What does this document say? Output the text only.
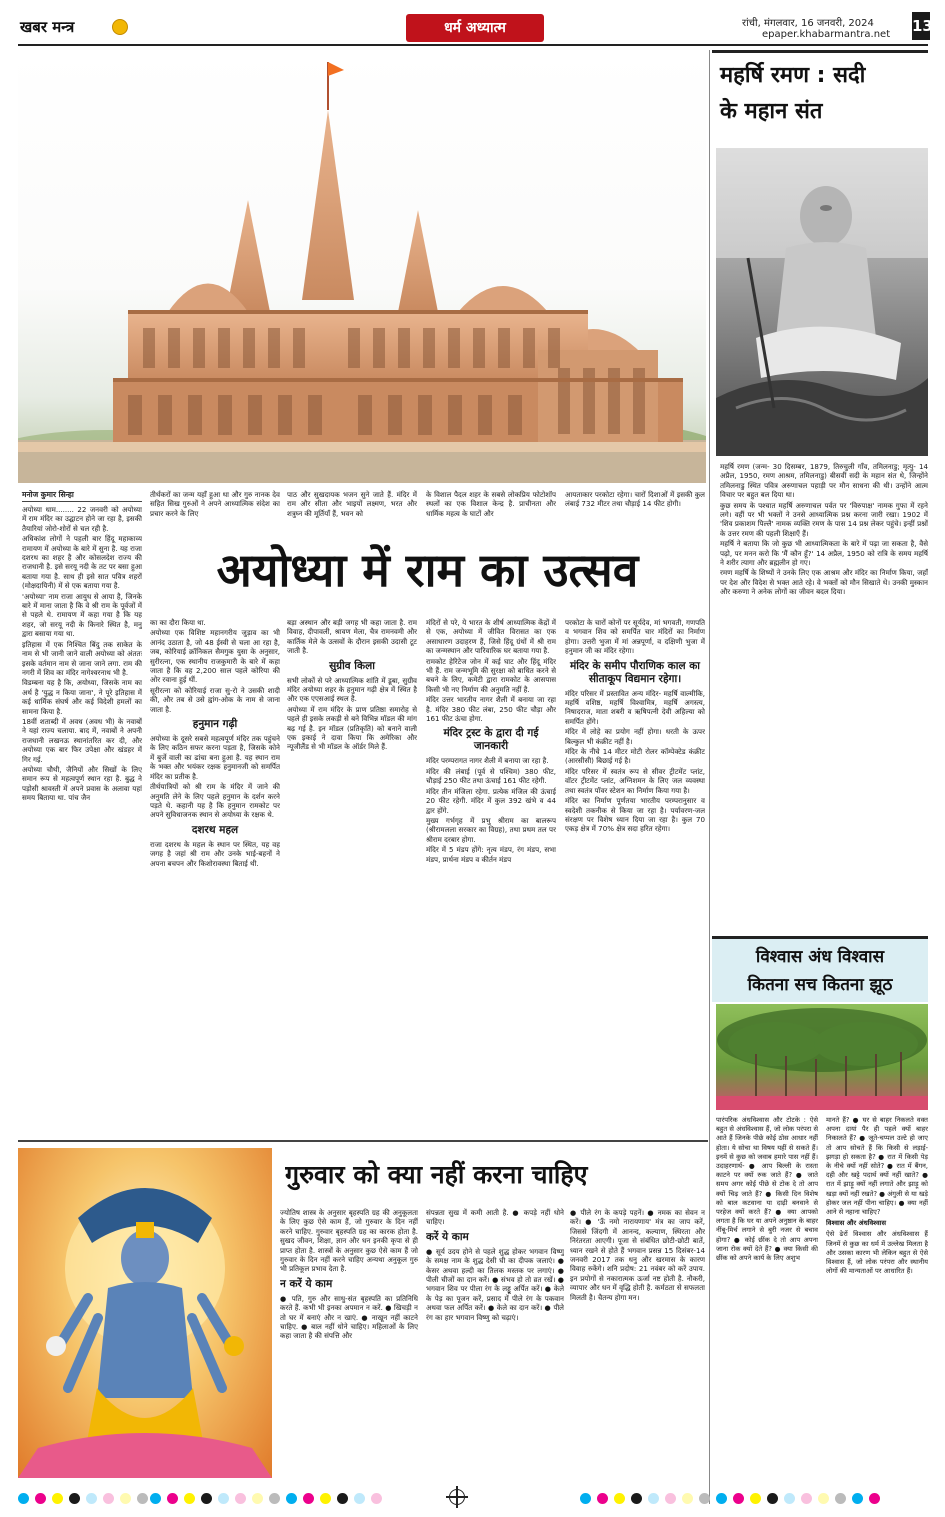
खबर मन्त्र	धर्म अध्यात्म	रांची, मंगलवार, 16 जनवरी, 2024
epaper.khabarmantra.net 13
महर्षि रमण : सदी
के महान संत

महर्षि रमण (जन्म- 30 दिसम्बर, 1879, तिरुचुली गाँव, तमिलनाडु; मृत्यु- 14 अप्रैल, 1950, रमण आश्रम, तमिलनाडु) बीसवीं सदी के महान संत थे, जिन्होंने तमिलनाडु स्थित पवित्र अरुणाचल पहाड़ी पर मौन साधना की थी। उन्होंने आत्म विचार पर बहुत बल दिया था।

कुछ समय के पश्चात महर्षि अरुणाचल पर्वत पर 'विरुपाक्ष' नामक गुफा में रहने लगे। वहीं पर भी भक्तों ने उनसे आध्यात्मिक प्रश्न करना जारी रखा। 1902 में 'शिव प्रकाशम पिल्लै' नामक व्यक्ति रमण के पास 14 प्रश्न लेकर पहुंचे। इन्हीं प्रश्नों के उत्तर रमण की पहली शिक्षाएँ हैं।

महर्षि ने बताया कि जो कुछ भी आध्यात्मिकता के बारे में पढ़ा जा सकता है, वैसे पढ़ो, पर मनन करो कि 'मैं कौन हूँ?' 14 अप्रैल, 1950 को रात्रि के समय महर्षि ने शरीर त्यागा और ब्रह्मलीन हो गए।

रमण महर्षि के शिष्यों ने उनके लिए एक आश्रम और मंदिर का निर्माण किया, जहाँ पर देश और विदेश से भक्त आते रहे। वे भक्तों को मौन सिखाते थे। उनकी मुस्कान और करुणा ने अनेक लोगों का जीवन बदल दिया।

विश्वास अंध विश्वास
कितना सच कितना झूठ
पारंपरिक अंधविश्वास और टोटके : ऐसे बहुत से अंधविश्वास हैं, जो लोक परंपरा से आते हैं जिनके पीछे कोई ठोस आधार नहीं होता। ये सोचा था विषय यहीं से सकते हैं। इनमें से कुछ को जवाब हमारे पास नहीं हैं। उदाहरणार्थ- ● आप बिल्ली के रास्ता काटने पर क्यों रुक जाते हैं? ● जाते समय अगर कोई पीछे से टोक दे तो आप क्यों चिढ़ जाते हैं? ● किसी दिन विशेष को बाल कटवाना या दाढ़ी बनवाने से परहेज क्यों करते हैं? ● क्या आपको लगता है कि घर या अपने अनुष्ठान के बाहर नींबू-मिर्च लगाने से बुरी नजर से बचाव होगा? ● कोई छींक दे तो आप अपना जाना रोक क्यों देते हैं? ● क्या किसी की छींक को अपने कार्य के लिए अशुभ

मानते हैं? ● घर से बाहर निकलते वक्त अपना दायां पैर ही पहले क्यों बाहर निकालते हैं? ● जूते-चप्पल उल्टे हो जाए तो आप सोचते हैं कि किसी से लड़ाई-झगड़ा हो सकता है? ● रात में किसी पेड़ के नीचे क्यों नहीं सोते? ● रात में बैंगन, दही और खट्टे पदार्थ क्यों नहीं खाते? ● रात में झाड़ू क्यों नहीं लगाते और झाड़ू को खड़ा क्यों नहीं रखते? ● अंगुली से या खड़े होकर जल नहीं पीना चाहिए। ● क्या नहीं आने से नहाना चाहिए?

विश्वास और अंधविश्वास

ऐसे ढेरों विश्वास और अंधविश्वास हैं जिनमें से कुछ का धर्म में उल्लेख मिलता है और उसका कारण भी लेकिन बहुत से ऐसे विश्वास हैं, जो लोक परंपरा और स्थानीय लोगों की मान्यताओं पर आधारित हैं।

मनोज कुमार सिन्हा

अयोध्या धाम........ 22 जनवरी को अयोध्या में राम मंदिर का उद्घाटन होने जा रहा है, इसकी तैयारियां जोरो-शोरों से चल रही है.

अधिकांश लोगों ने पहली बार हिंदू महाकाव्य रामायण में अयोध्या के बारे में सुना है. यह राजा दशरथ का शहर है और कोसलदेश राज्य की राजधानी है. इसे सरयू नदी के तट पर बसा हुआ बताया गया है. साथ ही इसे सात पवित्र शहरों (मोक्षदायिनी) में से एक बताया गया है.

'अयोध्या' नाम राजा आयुध से आया है, जिनके बारे में माना जाता है कि वे श्री राम के पूर्वजों में से पहले थे. रामायण में कहा गया है कि यह शहर, जो सरयू नदी के किनारे स्थित है, मनु द्वारा बसाया गया था.

इतिहास में एक निश्चित बिंदु तक साकेत के नाम से भी जानी जाने वाली अयोध्या को अंततः इसके वर्तमान नाम से जाना जाने लगा. राम की नगरी में शिव का मंदिर नागेश्वरनाथ भी है.

विडम्बना यह है कि, अयोध्या, जिसके नाम का अर्थ है 'युद्ध न किया जाना', ने पूरे इतिहास में कई धार्मिक संघर्ष और कई विदेशी हमलों का सामना किया है.

18वीं शताब्दी में अवध (अवध भी) के नवाबों ने यहां राज्य चलाया. बाद में, नवाबों ने अपनी राजधानी लखनऊ स्थानांतरित कर दी, और अयोध्या एक बार फिर उपेक्षा और खंडहर में गिर गई.

अयोध्या चौथी, जैनियों और सिखों के लिए समान रूप से महत्वपूर्ण स्थान रहा है. बुद्ध ने पड़ोसी श्रावस्ती में अपने प्रवास के अलावा यहां समय बिताया था. पांच जैन

तीर्थंकरों का जन्म यहाँ हुआ था और गुरु नानक देव सहित सिख गुरुओं ने अपने आध्यात्मिक संदेश का प्रचार करने के लिए
पाठ और सुखदायक भजन सुने जाते हैं. मंदिर में राम और सीता और भाइयों लक्ष्मण, भरत और शत्रुघ्न की मूर्तियाँ हैं, भवन को
के विशाल पैदल शहर के सबसे लोकप्रिय फोटोशॉप स्थलों का एक विशाल केन्द्र है. प्राचीनता और धार्मिक महत्व के घाटों और
आयताकार परकोटा रहेगा। चारों दिशाओं में इसकी कुल लंबाई 732 मीटर तथा चौड़ाई 14 फीट होगी।
अयोध्या में राम का उत्सव

का का दौरा किया था.

अयोध्या एक विशिष्ट महानगरीय जुड़ाव का भी आनंद उठाता है, जो 48 ईस्वी से चला आ रहा है, जब, कोरियाई क्रॉनिकल सैमगुक युसा के अनुसार, सुरीरत्ना, एक स्थानीय राजकुमारी के बारे में कहा जाता है कि वह 2,200 साल पहले कोरिया की ओर रवाना हुई थीं.

सूरीरत्ना को कोरियाई राजा सु-रो ने उसकी शादी की, और तब से उसे ह्वांग-ओक के नाम से जाना जाता है.

हनुमान गढ़ी

अयोध्या के दूसरे सबसे महत्वपूर्ण मंदिर तक पहुंचने के लिए कठिन सफर करना पड़ता है, जिसके कोने में बुर्जे वाली का ढांचा बना हुआ है. यह स्थान राम के भक्त और भयंकर रक्षक हनुमानजी को समर्पित मंदिर का प्रतीक है.

तीर्थयात्रियों को श्री राम के मंदिर में जाने की अनुमति लेने के लिए पहले हनुमान के दर्शन करने पड़ते थे. कहानी यह है कि हनुमान रामकोट पर अपने सुविधाजनक स्थान से अयोध्या के रक्षक थे.

दशरथ महल

राजा दशरथ के महल के स्थान पर स्थित, यह वह जगह है जहां श्री राम और उनके भाई-बहनों ने अपना बचपन और किशोरावस्था बिताई थी.

बड़ा अस्थान और बड़ी जगह भी कहा जाता है. राम विवाह, दीपावली, श्रावण मेला, चैत्र रामनवमी और कार्तिक मेले के उत्सवों के दौरान इसकी उदासी टूट जाती है.

सुग्रीव किला

सभी लोकों से परे आध्यात्मिक शांति में डूबा, सुग्रीव मंदिर अयोध्या शहर के हनुमान गढ़ी क्षेत्र में स्थित है और एक एएसआई स्थल है.

अयोध्या में राम मंदिर के प्राण प्रतिष्ठा समारोह से पहले ही इसके लकड़ी से बने विभिन्न मॉडल की मांग बढ़ गई है. इन मॉडल (प्रतिकृति) को बनाने वाली एक इकाई ने दावा किया कि अमेरिका और न्यूजीलैंड से भी मॉडल के ऑर्डर मिले हैं.

मंदिरों से परे, ये भारत के शीर्ष आध्यात्मिक केंद्रों में से एक, अयोध्या में जीवित विरासत का एक असाधारण उदाहरण हैं, जिसे हिंदू ग्रंथों में श्री राम का जन्मस्थान और पारिवारिक घर बताया गया है.

रामकोट हेरिटेज जोन में कई घाट और हिंदू मंदिर भी हैं. राम जन्मभूमि की सुरक्षा को बाधित करने से बचने के लिए, कमेटी द्वारा रामकोट के आसपास किसी भी नए निर्माण की अनुमति नहीं है.

मंदिर उत्तर भारतीय नागर शैली में बनाया जा रहा है. मंदिर 380 फीट लंबा, 250 फीट चौड़ा और 161 फीट ऊंचा होगा.

मंदिर ट्रस्ट के द्वारा दी गई जानकारी

मंदिर परम्परागत नागर शैली में बनाया जा रहा है.

मंदिर की लंबाई (पूर्व से पश्चिम) 380 फीट, चौड़ाई 250 फीट तथा ऊंचाई 161 फीट रहेगी.

मंदिर तीन मंजिला रहेगा. प्रत्येक मंजिल की ऊंचाई 20 फीट रहेगी. मंदिर में कुल 392 खंभे व 44 द्वार होंगे.

मुख्य गर्भगृह में प्रभु श्रीराम का बालरूप (श्रीरामलला सरकार का विग्रह), तथा प्रथम तल पर श्रीराम दरबार होगा.

मंदिर में 5 मंडप होंगे: नृत्य मंडप, रंग मंडप, सभा मंडप, प्रार्थना मंडप व कीर्तन मंडप

परकोटा के चारों कोनों पर सूर्यदेव, मां भगवती, गणपति व भगवान शिव को समर्पित चार मंदिरों का निर्माण होगा। उत्तरी भुजा में मां अन्नपूर्णा, व दक्षिणी भुजा में हनुमान जी का मंदिर रहेगा।

मंदिर के समीप पौराणिक काल का सीताकूप विद्यमान रहेगा।

मंदिर परिसर में प्रस्तावित अन्य मंदिर- महर्षि वाल्मीकि, महर्षि वशिष्ठ, महर्षि विश्वामित्र, महर्षि अगस्त्य, निषादराज, माता शबरी व ऋषिपत्नी देवी अहिल्या को समर्पित होंगे।

मंदिर में लोहे का प्रयोग नहीं होगा। धरती के ऊपर बिल्कुल भी कंक्रीट नहीं है।

मंदिर के नीचे 14 मीटर मोटी रोलर कॉम्पेक्टेड कंक्रीट (आरसीसी) बिछाई गई है।

मंदिर परिसर में स्वतंत्र रूप से सीवर ट्रीटमेंट प्लांट, वॉटर ट्रीटमेंट प्लांट, अग्निशमन के लिए जल व्यवस्था तथा स्वतंत्र पॉवर स्टेशन का निर्माण किया गया है।

मंदिर का निर्माण पूर्णतया भारतीय परम्परानुसार व स्वदेशी तकनीक से किया जा रहा है। पर्यावरण-जल संरक्षण पर विशेष ध्यान दिया जा रहा है। कुल 70 एकड़ क्षेत्र में 70% क्षेत्र सदा हरित रहेगा।

गुरुवार को क्या नहीं करना चाहिए

ज्योतिष शास्त्र के अनुसार बृहस्पति ग्रह की अनुकूलता के लिए कुछ ऐसे काम हैं, जो गुरुवार के दिन नहीं करने चाहिए. गुरुवार बृहस्पति ग्रह का कारक होता है. सुखद जीवन, शिक्षा, ज्ञान और धन इनकी कृपा से ही प्राप्त होता है. शास्त्रों के अनुसार कुछ ऐसे काम हैं जो गुरुवार के दिन नहीं करने चाहिए अन्यथा अनुकूल गुरु भी प्रतिकूल प्रभाव देता है.

न करें ये काम

● पति, गुरु और साधु-संत बृहस्पति का प्रतिनिधि करते हैं. कभी भी इनका अपमान न करें. ● खिचड़ी न तो घर में बनाएं और न खाएं. ● नाखून नहीं काटने चाहिए. ● बाल नहीं धोने चाहिए। महिलाओं के लिए कहा जाता है की संपत्ति और

संपन्नता सुख में कमी आती है. ● कपड़े नहीं धोने चाहिए।

करें ये काम

● सूर्य उदय होने से पहले शुद्ध होकर भगवान विष्णु के समक्ष नाम के शुद्ध देसी घी का दीपक जलाएं। ● केसर अथवा हल्दी का तिलक मस्तक पर लगाएं। ● पीली चीजों का दान करें। ● संभव हो तो व्रत रखें। ● भगवान शिव पर पीला रंग के लड्डू अर्पित करें। ● केले के पेड़ का पूजन करें, प्रसाद में पीले रंग के पकवान अथवा फल अर्पित करें। ● केले का दान करें। ● पीले रंग का हार भगवान विष्णु को चढ़ाएं।

● पीले रंग के कपड़े पहनें। ● नमक का सेवन न करें। ● 'ऊँ नमो नारायणाय' मंत्र का जाप करें, जिससे जिंदगी में आनन्द, कल्याण, स्थिरता और निरंतरता आएगी। पूजा से संबंधित छोटी-छोटी बातें, ध्यान रखने से होते हैं भगवान प्रसन्न 15 दिसंबर-14 जनवरी 2017 तक धनु और खरमास के कारण विवाह रुकेंगे। शनि प्रदोष: 21 नवंबर को करें उपाय. इन प्रयोगों से नकारात्मक ऊर्जा नष्ट होती है. नौकरी, व्यापार और धन में वृद्धि होती है. कर्मठता से सफलता मिलती है। चैतन्य होगा मन।
